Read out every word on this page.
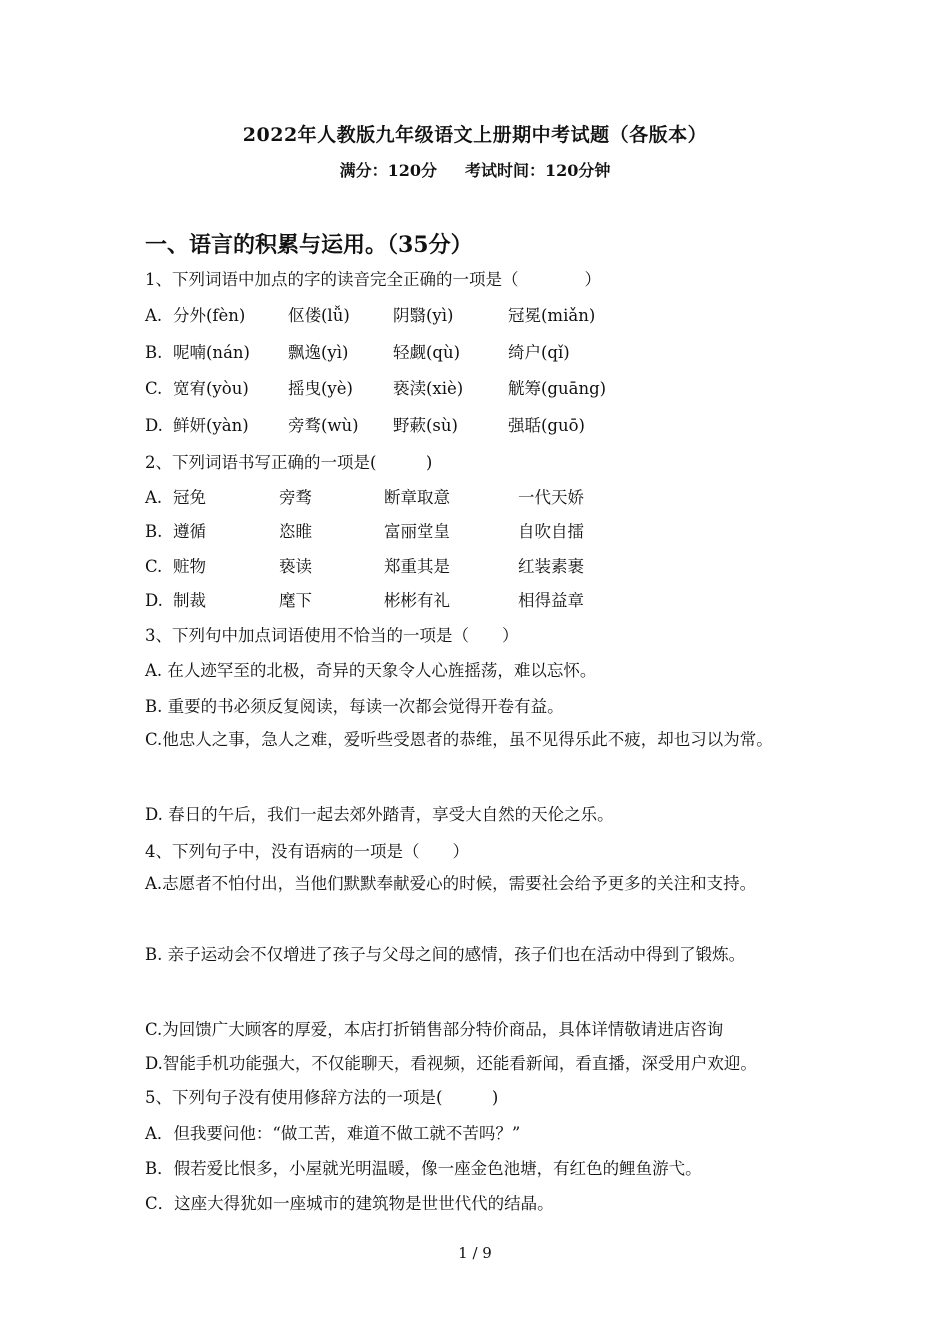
2022年人教版九年级语文上册期中考试题（各版本）
满分：120分 考试时间：120分钟
一、语言的积累与运用。（35分）
1、下列词语中加点的字的读音完全正确的一项是（　　　　）
A. 分外(fèn)	伛偻(lǚ)	阴翳(yì)	冠冕(miǎn)
B. 呢喃(nán) 飘逸(yì)	轻觑(qù)	绮户(qǐ)
C. 宽宥(yòu) 摇曳(yè) 亵渎(xiè)	觥筹(guāng)
D. 鲜妍(yàn) 旁骛(wù) 野蔌(sù)	强聒(guō)
2、下列词语书写正确的一项是(　　　)
A. 冠免	旁骛	断章取意	一代天娇
B. 遵循	恣睢	富丽堂皇	自吹自擂
C. 赃物	亵读	郑重其是	红装素裹
D. 制裁	麾下	彬彬有礼	相得益章
3、下列句中加点词语使用不恰当的一项是（　　）
A. 在人迹罕至的北极，奇异的天象令人心旌摇荡，难以忘怀。
B. 重要的书必须反复阅读，每读一次都会觉得开卷有益。
C.他忠人之事，急人之难，爱听些受恩者的恭维，虽不见得乐此不疲，却也习以为常。
D. 春日的午后，我们一起去郊外踏青，享受大自然的天伦之乐。
4、下列句子中，没有语病的一项是（　　）
A.志愿者不怕付出，当他们默默奉献爱心的时候，需要社会给予更多的关注和支持。
B. 亲子运动会不仅增进了孩子与父母之间的感情，孩子们也在活动中得到了锻炼。
C.为回馈广大顾客的厚爱，本店打折销售部分特价商品，具体详情敬请进店咨询
D.智能手机功能强大，不仅能聊天，看视频，还能看新闻，看直播，深受用户欢迎。
5、下列句子没有使用修辞方法的一项是(　　　)
A．但我要问他：“做工苦，难道不做工就不苦吗？”
B．假若爱比恨多，小屋就光明温暖，像一座金色池塘，有红色的鲤鱼游弋。
C．这座大得犹如一座城市的建筑物是世世代代的结晶。
1 / 9
